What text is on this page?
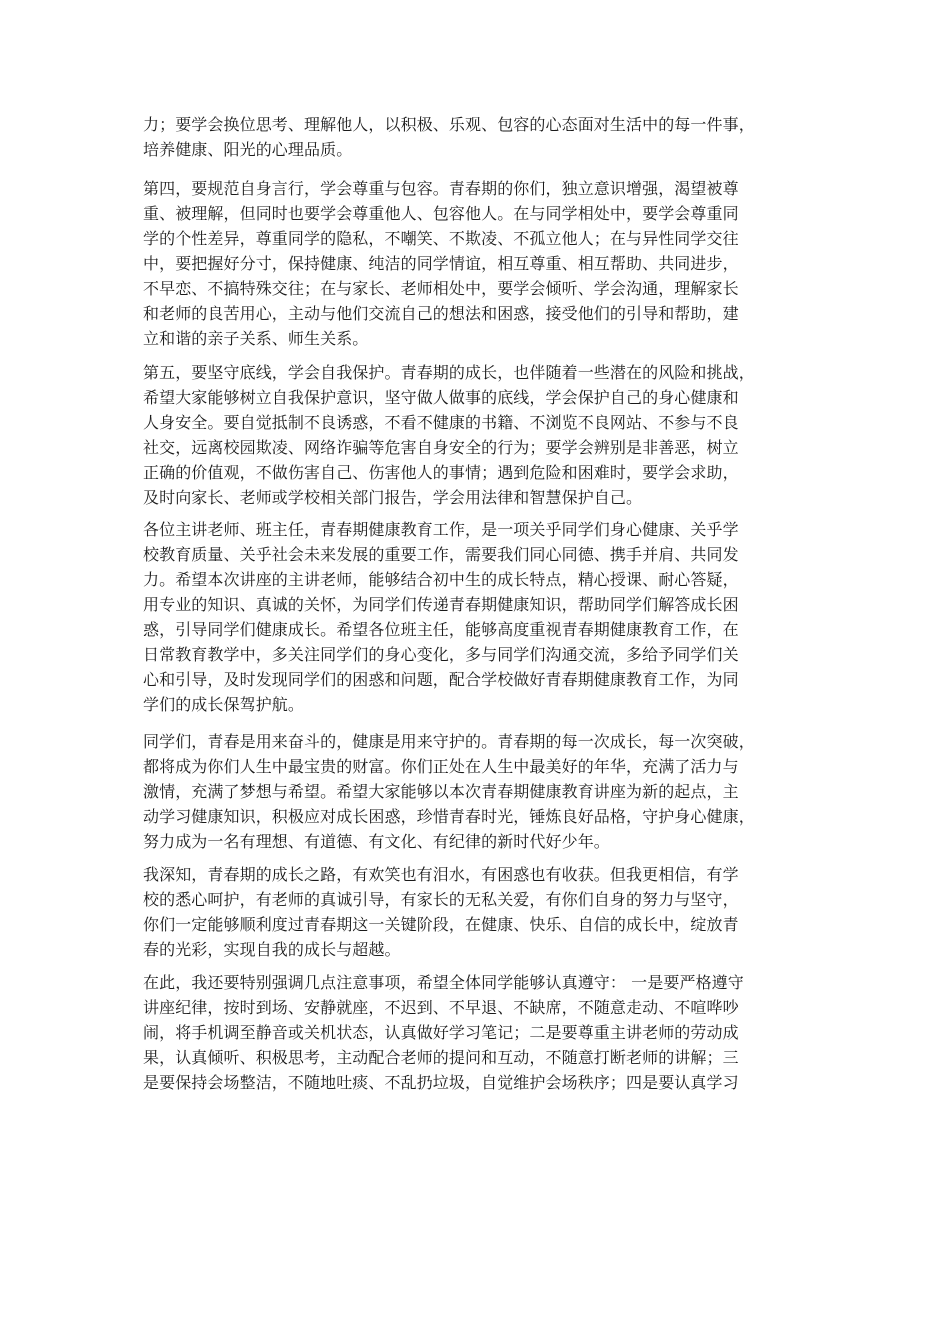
力；要学会换位思考、理解他人，以积极、乐观、包容的心态面对生活中的每一件事，
培养健康、阳光的心理品质。
第四，要规范自身言行，学会尊重与包容。青春期的你们，独立意识增强，渴望被尊
重、被理解，但同时也要学会尊重他人、包容他人。在与同学相处中，要学会尊重同
学的个性差异，尊重同学的隐私，不嘲笑、不欺凌、不孤立他人；在与异性同学交往
中，要把握好分寸，保持健康、纯洁的同学情谊，相互尊重、相互帮助、共同进步，
不早恋、不搞特殊交往；在与家长、老师相处中，要学会倾听、学会沟通，理解家长
和老师的良苦用心，主动与他们交流自己的想法和困惑，接受他们的引导和帮助，建
立和谐的亲子关系、师生关系。
第五，要坚守底线，学会自我保护。青春期的成长，也伴随着一些潜在的风险和挑战，
希望大家能够树立自我保护意识，坚守做人做事的底线，学会保护自己的身心健康和
人身安全。要自觉抵制不良诱惑，不看不健康的书籍、不浏览不良网站、不参与不良
社交，远离校园欺凌、网络诈骗等危害自身安全的行为；要学会辨别是非善恶，树立
正确的价值观，不做伤害自己、伤害他人的事情；遇到危险和困难时，要学会求助，
及时向家长、老师或学校相关部门报告，学会用法律和智慧保护自己。
各位主讲老师、班主任，青春期健康教育工作，是一项关乎同学们身心健康、关乎学
校教育质量、关乎社会未来发展的重要工作，需要我们同心同德、携手并肩、共同发
力。希望本次讲座的主讲老师，能够结合初中生的成长特点，精心授课、耐心答疑，
用专业的知识、真诚的关怀，为同学们传递青春期健康知识，帮助同学们解答成长困
惑，引导同学们健康成长。希望各位班主任，能够高度重视青春期健康教育工作，在
日常教育教学中，多关注同学们的身心变化，多与同学们沟通交流，多给予同学们关
心和引导，及时发现同学们的困惑和问题，配合学校做好青春期健康教育工作，为同
学们的成长保驾护航。
同学们，青春是用来奋斗的，健康是用来守护的。青春期的每一次成长，每一次突破，
都将成为你们人生中最宝贵的财富。你们正处在人生中最美好的年华，充满了活力与
激情，充满了梦想与希望。希望大家能够以本次青春期健康教育讲座为新的起点，主
动学习健康知识，积极应对成长困惑，珍惜青春时光，锤炼良好品格，守护身心健康，
努力成为一名有理想、有道德、有文化、有纪律的新时代好少年。
我深知，青春期的成长之路，有欢笑也有泪水，有困惑也有收获。但我更相信，有学
校的悉心呵护，有老师的真诚引导，有家长的无私关爱，有你们自身的努力与坚守，
你们一定能够顺利度过青春期这一关键阶段，在健康、快乐、自信的成长中，绽放青
春的光彩，实现自我的成长与超越。
在此，我还要特别强调几点注意事项，希望全体同学能够认真遵守： 一是要严格遵守
讲座纪律，按时到场、安静就座，不迟到、不早退、不缺席，不随意走动、不喧哗吵
闹，将手机调至静音或关机状态，认真做好学习笔记；二是要尊重主讲老师的劳动成
果，认真倾听、积极思考，主动配合老师的提问和互动，不随意打断老师的讲解；三
是要保持会场整洁，不随地吐痰、不乱扔垃圾，自觉维护会场秩序；四是要认真学习
